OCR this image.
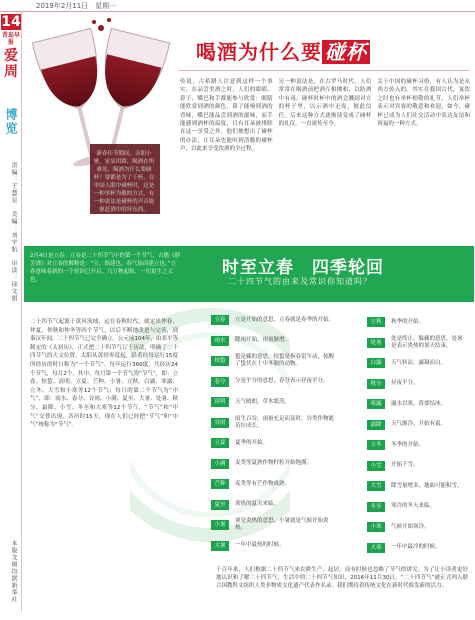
2019年2月11日　星期一
14
青岛早报
爱周
博览
责编：王慧星　美编：刘宇航　审读：徐文娟
本版文图均据新华社
新春佳节期间，亲朋小聚，家宴团圆，喝酒在所难免。喝酒为什么要碰杯？要都是为了干杯，在中国人眼中碰杯时，这是一种举杯为敬的方式，有一种说法是碰杯的声音能驱赶酒中的坏东西。
喝酒为什么要 碰杯
传说，古希腊人注意到这样一个事实，在品尝美酒之时，人们的眼睛、鼻子、嘴巴和手都能参与欣赏：眼睛能欣赏到酒的颜色，鼻子能嗅到酒的香味，嘴巴能品尝到酒的滋味，而手能感到酒杯的温度，只有耳朵被排除在这一享受之外。他们便想出了碰杯的办法，让耳朵也能听到清脆的碰杯声，以此来享受饮酒的全过程。
另一种说法是，在古罗马时代，人们常常在喝酒前把酒互相掺和，以防酒中有毒。碰杯时杯中的酒会溅到对方的杯子里，以示酒中无毒，彼此信任。后来这种方式逐渐演变成了碰杯的礼仪，一直流传至今。
关于中国的碰杯习俗，有人认为是从西方传入的。其实在我国古代，宴饮之时也有举杯相敬的礼节，人们举杯表示对宾客的敬意和欢迎，如今，碰杯已成为人们社交活动中表达友谊和祝福的一种方式。
2月4日是立春。立春是二十四节气中的第一个节气，古籍《群芳谱》对立春的解释是：“立，始建也。春气始而建立也。”立春意味着新的一个轮回已开启，乃万物起始、一切更生之义也。
时至立春　四季轮回
二十四节气的由来及常识你知道吗？
二十四节气起源于黄河流域，远在春秋时代，就定出仲春、仲夏、仲秋和仲冬等四个节气。以后不断地改进与完善，到秦汉年间，二十四节气已完全确立。公元前104年，由邓平等制定的《太初历》，正式把二十四节气订于历法，明确了二十四节气的天文位置。太阳从黄经零度起，沿黄经每运行15度所经历的时日称为“一个节气”。每年运行360度，共经历24个节气，每月2个。其中，每月第一个节气为“节气”，即：立春、惊蛰、清明、立夏、芒种、小暑、立秋、白露、寒露、立冬、大雪和小寒等12个节气；每月的第二个节气为“中气”，即：雨水、春分、谷雨、小满、夏至、大暑、处暑、秋分、霜降、小雪、冬至和大寒等12个节气。“节气”和“中气”交替出现，各历时15天，现在人们已经把“节气”和“中气”统称为“节气”。
立春	立是开始的意思，立春就是春季的开始。
雨水	降雨开始，雨量渐增。
惊蛰
蛰是藏的意思，惊蛰是指春雷乍动，惊醒了蛰伏在土中冬眠的动物。
春分	分是平分的意思，春分表示昼夜平分。
清明	天气晴朗，草木繁茂。
谷雨
雨生百谷，雨量充足而及时，谷类作物能茁壮成长。
立夏	夏季的开始。
小满	麦类等夏熟作物籽粒开始饱满。
芒种	麦类等有芒作物成熟。
夏至	炎热的夏天来临。
小暑
暑是炎热的意思，小暑就是气候开始炎热。
大暑	一年中最热的时候。
立秋	秋季的开始。
处暑
处是终止、躲藏的意思，处暑是表示炎热的暑天结束。
白露	天气转凉，露凝而白。
秋分	昼夜平分。
寒露	露水以寒，将要结冰。
霜降	天气渐冷，开始有霜。
立冬	冬季的开始。
小雪	开始下雪。
大雪	降雪量增多，地面可能积雪。
冬至	寒冷的冬天来临。
小寒	气候开始寒冷。
大寒	一年中最冷的时候。
千百年来，人们根据二十四节气来农耕生产、起居，而有时候也忽略了节气的讲究。为了让小读者更好地认识和了解二十四节气，生活中的二十四节气知识，2016年11月30日，“二十四节气”被正式列入联合国教科文组织人类非物质文化遗产代表作名录。我们期待着传统文化在新时代焕发新的活力。
